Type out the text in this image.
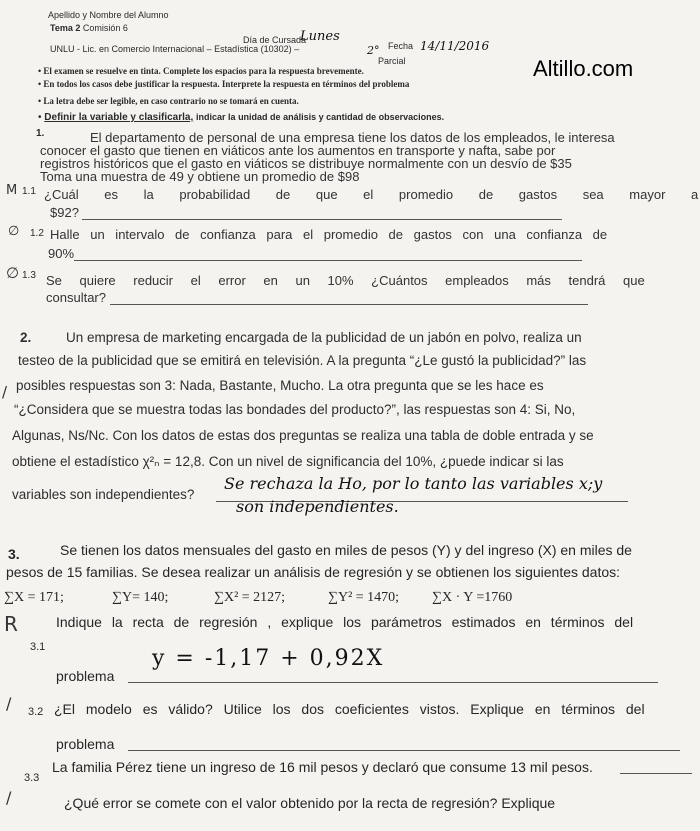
Altillo.com
Apellido y Nombre del Alumno
Tema 2 Comisión 6
Día de Cursada
Lunes
Fecha 14/11/2016
UNLU - Lic. en Comercio Internacional – Estadística (10302) –	2°
Parcial
• El examen se resuelve en tinta. Complete los espacios para la respuesta brevemente.
• En todos los casos debe justificar la respuesta. Interprete la respuesta en términos del problema
• La letra debe ser legible, en caso contrario no se tomará en cuenta.
• Definir la variable y clasificarla, indicar la unidad de análisis y cantidad de observaciones.
1.	El departamento de personal de una empresa tiene los datos de los empleados, le interesa
conocer el gasto que tienen en viáticos ante los aumentos en transporte y nafta, sabe por
registros históricos que el gasto en viáticos se distribuye normalmente con un desvío de $35
Toma una muestra de 49 y obtiene un promedio de $98
M 1.1 ¿Cuál es la probabilidad de que el promedio de gastos sea mayor a
$92?
∅ 1.2 Halle un intervalo de confianza para el promedio de gastos con una confianza de
90%
∅ 1.3 Se quiere reducir el error en un 10% ¿Cuántos empleados más tendrá que
consultar?
2.	Un empresa de marketing encargada de la publicidad de un jabón en polvo, realiza un
testeo de la publicidad que se emitirá en televisión. A la pregunta “¿Le gustó la publicidad?” las
/ posibles respuestas son 3: Nada, Bastante, Mucho. La otra pregunta que se les hace es
“¿Considera que se muestra todas las bondades del producto?”, las respuestas son 4: Si, No,
Algunas, Ns/Nc. Con los datos de estas dos preguntas se realiza una tabla de doble entrada y se
obtiene el estadístico χ²ₙ = 12,8. Con un nivel de significancia del 10%, ¿puede indicar si las
variables son independientes?
Se rechaza la Ho, por lo tanto las variables x;y
son independientes.
3.	Se tienen los datos mensuales del gasto en miles de pesos (Y) y del ingreso (X) en miles de
pesos de 15 familias. Se desea realizar un análisis de regresión y se obtienen los siguientes datos:
∑X = 171;	∑Y= 140;	∑X² = 2127;	∑Y² = 1470; ∑X · Y =1760
R
3.1
Indique la recta de regresión , explique los parámetros estimados en términos del
problema
y = -1,17 + 0,92X
/ 3.2 ¿El modelo es válido? Utilice los dos coeficientes vistos. Explique en términos del
problema
/
3.3
La familia Pérez tiene un ingreso de 16 mil pesos y declaró que consume 13 mil pesos.
¿Qué error se comete con el valor obtenido por la recta de regresión? Explique
